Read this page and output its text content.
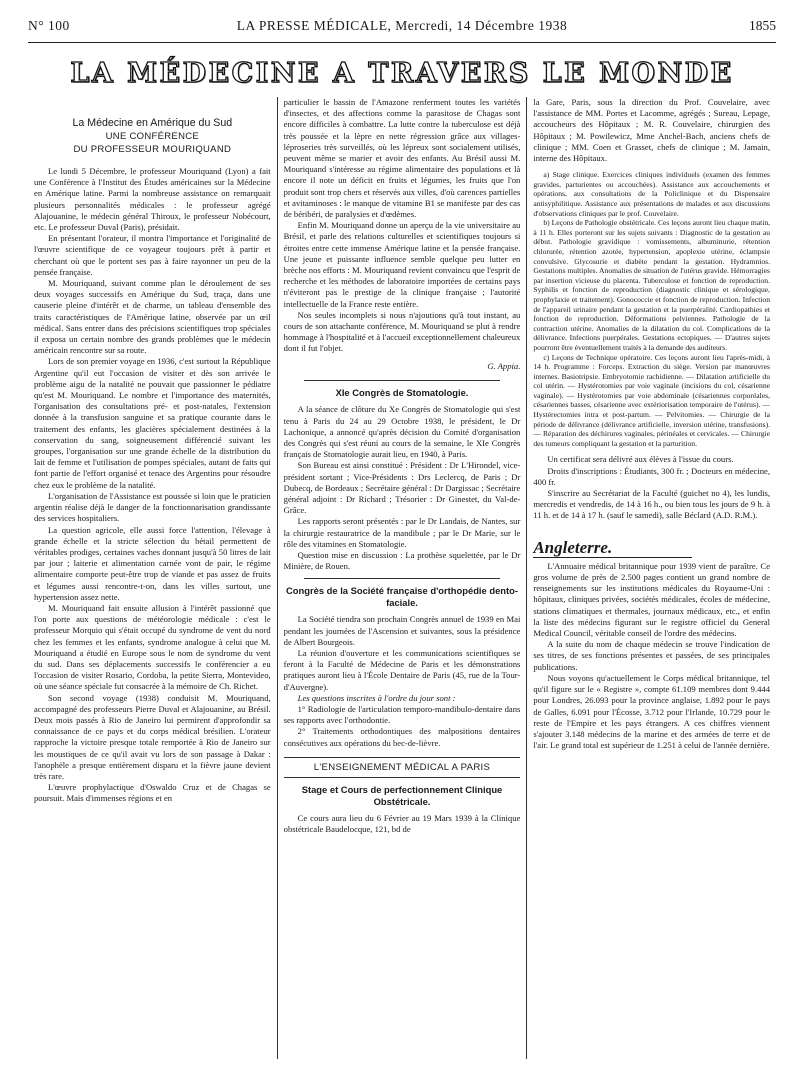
N° 100	LA PRESSE MÉDICALE, Mercredi, 14 Décembre 1938	1855
LA MÉDECINE A TRAVERS LE MONDE
La Médecine en Amérique du Sud
UNE CONFÉRENCE
DU PROFESSEUR MOURIQUAND

Le lundi 5 Décembre, le professeur Mouriquand (Lyon) a fait une Conférence à l'Institut des Études américaines sur la Médecine en Amérique latine. Parmi la nombreuse assistance on remarquait plusieurs personnalités médicales : le professeur agrégé Alajouanine, le médecin général Thiroux, le professeur Nobécourt, etc. Le professeur Duval (Paris), présidait.

En présentant l'orateur, il montra l'importance et l'originalité de l'œuvre scientifique de ce voyageur toujours prêt à partir et cherchant où que le portent ses pas à faire rayonner un peu de la pensée française.

M. Mouriquand, suivant comme plan le déroulement de ses deux voyages successifs en Amérique du Sud, traça, dans une causerie pleine d'intérêt et de charme, un tableau d'ensemble des traits caractéristiques de l'Amérique latine, observée par un œil médical. Sans entrer dans des précisions scientifiques trop spéciales il exposa un certain nombre des grands problèmes que le médecin américain rencontre sur sa route.

Lors de son premier voyage en 1936, c'est surtout la République Argentine qu'il eut l'occasion de visiter et dès son arrivée le problème aigu de la natalité ne pouvait que passionner le pédiatre qu'est M. Mouriquand. Le nombre et l'importance des maternités, l'organisation des consultations pré- et post-natales, l'extension donnée à la transfusion sanguine et sa pratique courante dans le traitement des enfants, les glacières spécialement destinées à la conservation du sang, soigneusement différencié suivant les groupes, l'organisation sur une grande échelle de la distribution du lait de femme et l'utilisation de pompes spéciales, autant de faits qui font partie de l'effort organisé et tenace des Argentins pour résoudre chez eux le problème de la natalité.

L'organisation de l'Assistance est poussée si loin que le praticien argentin réalise déjà le danger de la fonctionnarisation grandissante des services hospitaliers.

La question agricole, elle aussi force l'attention, l'élevage à grande échelle et la stricte sélection du bétail permettent de véritables prodiges, certaines vaches donnant jusqu'à 50 litres de lait par jour ; laiterie et alimentation carnée vont de pair, le régime alimentaire comporte peut-être trop de viande et pas assez de fruits et légumes aussi rencontre-t-on, dans les villes surtout, une hypertension assez nette.

M. Mouriquand fait ensuite allusion à l'intérêt passionné que l'on porte aux questions de météorologie médicale : c'est le professeur Morquio qui s'était occupé du syndrome de vent du nord chez les femmes et les enfants, syndrome analogue à celui que M. Mouriquand a étudié en Europe sous le nom de syndrome du vent du sud. Dans ses déplacements successifs le conférencier a eu l'occasion de visiter Rosario, Cordoba, la petite Sierra, Montevideo, où une séance spéciale fut consacrée à la mémoire de Ch. Richet.

Son second voyage (1938) conduisit M. Mouriquand, accompagné des professeurs Pierre Duval et Alajouanine, au Brésil. Deux mois passés à Rio de Janeiro lui permirent d'approfondir sa connaissance de ce pays et du corps médical brésilien. L'orateur rapproche la victoire presque totale remportée à Rio de Janeiro sur les moustiques de ce qu'il avait vu lors de son passage à Dakar : l'anophèle a presque entièrement disparu et la fièvre jaune devient très rare.

L'œuvre prophylactique d'Oswaldo Cruz et de Chagas se poursuit. Mais d'immenses régions et en

particulier le bassin de l'Amazone renferment toutes les variétés d'insectes, et des affections comme la parasitose de Chagas sont encore difficiles à combattre. La lutte contre la tuberculose est déjà très poussée et la lèpre en nette régression grâce aux villages-léproseries très surveillés, où les lépreux sont socialement utilisés, peuvent même se marier et avoir des enfants. Au Brésil aussi M. Mouriquand s'intéresse au régime alimentaire des populations et là encore il note un déficit en fruits et légumes, les fruits que l'on produit sont trop chers et réservés aux villes, d'où carences partielles et avitaminoses : le manque de vitamine B1 se manifeste par des cas de béribéri, de paralysies et d'œdèmes.

Enfin M. Mouriquand donne un aperçu de la vie universitaire au Brésil, et parle des relations culturelles et scientifiques toujours si étroites entre cette immense Amérique latine et la pensée française. Une jeune et puissante influence semble quelque peu lutter en brèche nos efforts : M. Mouriquand revient convaincu que l'esprit de recherche et les méthodes de laboratoire importées de certains pays n'éviteront pas le prestige de la clinique française ; l'autorité intellectuelle de la France reste entière.

Nos seules incomplets si nous n'ajoutions qu'à tout instant, au cours de son attachante conférence, M. Mouriquand se plut à rendre hommage à l'hospitalité et à l'accueil exceptionnellement chaleureux dont il fut l'objet.

G. Appia.
XIe Congrès de Stomatologie.

A la séance de clôture du Xe Congrès de Stomatologie qui s'est tenu à Paris du 24 au 29 Octobre 1938, le président, le Dr Lachonique, a annoncé qu'après décision du Comité d'organisation des Congrès qui s'est réuni au cours de la semaine, le XIe Congrès français de Stomatologie aurait lieu, en 1940, à Paris.

Son Bureau est ainsi constitué : Président : Dr L'Hirondel, vice-président sortant ; Vice-Présidents : Drs Leclercq, de Paris ; Dr Dubecq, de Bordeaux ; Secrétaire général : Dr Dargissac ; Secrétaire général adjoint : Dr Richard ; Trésorier : Dr Ginestet, du Val-de-Grâce.

Les rapports seront présentés : par le Dr Landais, de Nantes, sur la chirurgie restauratrice de la mandibule ; par le Dr Marie, sur le rôle des vitamines en Stomatologie.

Question mise en discussion : La prothèse squelettée, par le Dr Minière, de Rouen.

Congrès de la Société française d'orthopédie dento-faciale.

La Société tiendra son prochain Congrès annuel de 1939 en Mai pendant les journées de l'Ascension et suivantes, sous la présidence de Albert Bourgeois.

La réunion d'ouverture et les communications scientifiques se feront à la Faculté de Médecine de Paris et les démonstrations pratiques auront lieu à l'École Dentaire de Paris (45, rue de la Tour-d'Auvergne).

Les questions inscrites à l'ordre du jour sont :

1° Radiologie de l'articulation temporo-mandibulo-dentaire dans ses rapports avec l'orthodontie.

2° Traitements orthodontiques des malpositions dentaires consécutives aux opérations du bec-de-lièvre.

L'ENSEIGNEMENT MÉDICAL A PARIS
Stage et Cours de perfectionnement Clinique Obstétricale.

Ce cours aura lieu du 6 Février au 19 Mars 1939 à la Clinique obstétricale Baudelocque, 121, bd de

la Gare, Paris, sous la direction du Prof. Couvelaire, avec l'assistance de MM. Portes et Lacomme, agrégés ; Sureau, Lepage, accoucheurs des Hôpitaux ; M. R. Couvelaire, chirurgien des Hôpitaux ; M. Powilewicz, Mme Anchel-Bach, anciens chefs de clinique ; MM. Coen et Grasset, chefs de clinique ; M. Jamain, interne des Hôpitaux.

a) Stage clinique. Exercices cliniques individuels (examen des femmes gravides, parturientes ou accouchées). Assistance aux accouchements et opérations, aux consultations de la Policlinique et du Dispensaire antisyphilitique. Assistance aux présentations de malades et aux discussions d'observations cliniques par le prof. Couvelaire.

b) Leçons de Pathologie obstétricale. Ces leçons auront lieu chaque matin, à 11 h. Elles porteront sur les sujets suivants : Diagnostic de la gestation au début. Pathologie gravidique : vomissements, albuminurie, rétention chlorurée, rétention azotée, hypertension, apoplexie utérine, éclampsie convulsive. Glycosurie et diabète pendant la gestation. Hydramnios. Gestations multiples. Anomalies de situation de l'utérus gravide. Hémorragies par insertion vicieuse du placenta. Tuberculose et fonction de reproduction. Syphilis et fonction de reproduction (diagnostic clinique et sérologique, prophylaxie et traitement). Gonococcie et fonction de reproduction. Infection de l'appareil urinaire pendant la gestation et la puerpéralité. Cardiopathies et fonction de reproduction. Déformations pelviennes. Pathologie de la contraction utérine. Anomalies de la dilatation du col. Complications de la délivrance. Infections puerpérales. Gestations ectopiques. — D'autres sujets pourront être éventuellement traités à la demande des auditeurs.

c) Leçons de Technique opératoire. Ces leçons auront lieu l'après-midi, à 14 h. Programme : Forceps. Extraction du siège. Version par manœuvres internes. Basiotripsie. Embryotomie rachidienne. — Dilatation artificielle du col utérin. — Hystérotomies par voie vaginale (incisions du col, césarienne vaginale). — Hystérotomies par voie abdominale (césariennes corporéales, césariennes basses, césarienne avec extériorisation temporaire de l'utérus). — Hystérectomies intra et post-partum. — Pelvitomies. — Chirurgie de la période de délivrance (délivrance artificielle, inversion utérine, transfusions). — Réparation des déchirures vaginales, périnéales et cervicales. — Chirurgie des tumeurs compliquant la gestation et la parturition.

Un certificat sera délivré aux élèves à l'issue du cours.

Droits d'inscriptions : Étudiants, 300 fr. ; Docteurs en médecine, 400 fr.

S'inscrire au Secrétariat de la Faculté (guichet no 4), les lundis, mercredis et vendredis, de 14 à 16 h., ou bien tous les jours de 9 h. à 11 h. et de 14 à 17 h. (sauf le samedi), salle Béclard (A.D. R.M.).

Angleterre.

L'Annuaire médical britannique pour 1939 vient de paraître. Ce gros volume de près de 2.500 pages contient un grand nombre de renseignements sur les institutions médicales du Royaume-Uni : hôpitaux, cliniques privées, sociétés médicales, écoles de médecine, stations climatiques et thermales, journaux médicaux, etc., et enfin la liste des médecins figurant sur le registre officiel du General Medical Council, véritable conseil de l'ordre des médecins.

A la suite du nom de chaque médecin se trouve l'indication de ses titres, de ses fonctions présentes et passées, de ses principales publications.

Nous voyons qu'actuellement le Corps médical britannique, tel qu'il figure sur le « Registre », compte 61.109 membres dont 9.444 pour Londres, 26.093 pour la province anglaise, 1.892 pour le pays de Galles, 6.091 pour l'Écosse, 3.712 pour l'Irlande, 10.729 pour le reste de l'Empire et les pays étrangers. A ces chiffres viennent s'ajouter 3.148 médecins de la marine et des armées de terre et de l'air. Le grand total est supérieur de 1.251 à celui de l'année dernière.
